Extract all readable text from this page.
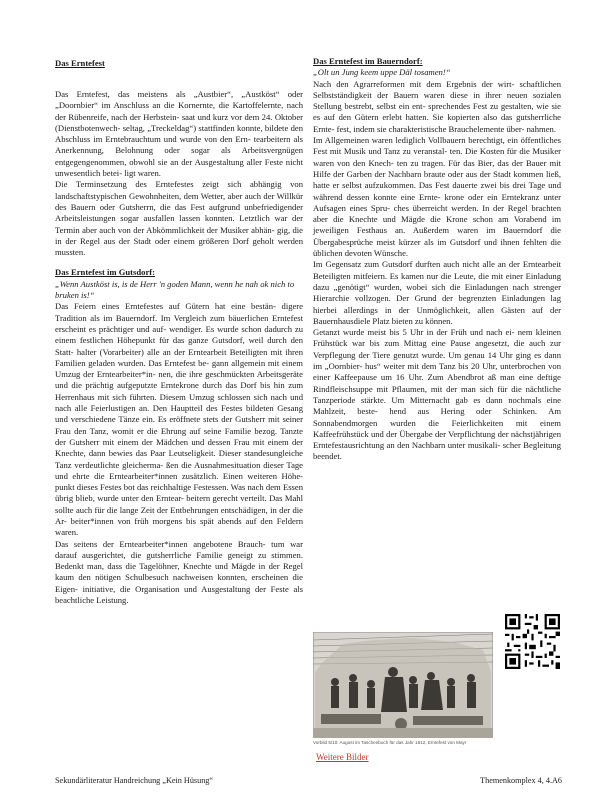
Das Erntefest

Das Erntefest, das meistens als „Austbier“, „Austköst“ oder „Doornbier“ im Anschluss an die Kornernte, die Kartoffelernte, nach der Rübenreife, nach der Herbstein- saat und kurz vor dem 24. Oktober (Dienstbotenwech- seltag, „Treckeldag“) stattfinden konnte, bildete den Abschluss im Erntebrauchtum und wurde von den Ern- tearbeitern als Anerkennung, Belohnung oder sogar als Arbeitsvergnügen entgegengenommen, obwohl sie an der Ausgestaltung aller Feste nicht unwesentlich betei- ligt waren.

Die Terminsetzung des Erntefestes zeigt sich abhängig von landschaftstypischen Gewohnheiten, dem Wetter, aber auch der Willkür des Bauern oder Gutsherrn, die das Fest aufgrund unbefriedigender Arbeitsleistungen sogar ausfallen lassen konnten. Letztlich war der Termin aber auch von der Abkömmlichkeit der Musiker abhän- gig, die in der Regel aus der Stadt oder einem größeren Dorf geholt werden mussten.

Das Erntefest im Gutsdorf:

„Wenn Austköst is, is de Herr ′n goden Mann, wenn he nah ok nich to bruken is!“

Das Feiern eines Erntefestes auf Gütern hat eine bestän- digere Tradition als im Bauerndorf. Im Vergleich zum bäuerlichen Erntefest erscheint es prächtiger und auf- wendiger. Es wurde schon dadurch zu einem festlichen Höhepunkt für das ganze Gutsdorf, weil durch den Statt- halter (Vorarbeiter) alle an der Erntearbeit Beteiligten mit ihren Familien geladen wurden. Das Erntefest be- gann allgemein mit einem Umzug der Erntearbeiter*in- nen, die ihre geschmückten Arbeitsgeräte und die prächtig aufgeputzte Erntekrone durch das Dorf bis hin zum Herrenhaus mit sich führten. Diesem Umzug schlossen sich nach und nach alle Feierlustigen an. Den Hauptteil des Festes bildeten Gesang und verschiedene Tänze ein. Es eröffnete stets der Gutsherr mit seiner Frau den Tanz, womit er die Ehrung auf seine Familie bezog. Tanzte der Gutsherr mit einem der Mädchen und dessen Frau mit einem der Knechte, dann bewies das Paar Leutseligkeit. Dieser standesungleiche Tanz verdeutlichte gleicherma- ßen die Ausnahmesituation dieser Tage und ehrte die Erntearbeiter*innen zusätzlich. Einen weiteren Höhe- punkt dieses Festes bot das reichhaltige Festessen. Was nach dem Essen übrig blieb, wurde unter den Erntear- beitern gerecht verteilt. Das Mahl sollte auch für die lange Zeit der Entbehrungen entschädigen, in der die Ar- beiter*innen von früh morgens bis spät abends auf den Feldern waren.

Das seitens der Erntearbeiter*innen angebotene Brauch- tum war darauf ausgerichtet, die gutsherrliche Familie geneigt zu stimmen. Bedenkt man, dass die Tagelöhner, Knechte und Mägde in der Regel kaum den nötigen Schulbesuch nachweisen konnten, erscheinen die Eigen- initiative, die Organisation und Ausgestaltung der Feste als beachtliche Leistung.

Das Erntefest im Bauerndorf:

„Olt un Jung keem uppe Däl tosamen!“

Nach den Agrarreformen mit dem Ergebnis der wirt- schaftlichen Selbstständigkeit der Bauern waren diese in ihrer neuen sozialen Stellung bestrebt, selbst ein ent- sprechendes Fest zu gestalten, wie sie es auf den Gütern erlebt hatten. Sie kopierten also das gutsherrliche Ernte- fest, indem sie charakteristische Brauchelemente über- nahmen.

Im Allgemeinen waren lediglich Vollbauern berechtigt, ein öffentliches Fest mit Musik und Tanz zu veranstal- ten. Die Kosten für die Musiker waren von den Knech- ten zu tragen. Für das Bier, das der Bauer mit Hilfe der Garben der Nachbarn braute oder aus der Stadt kommen ließ, hatte er selbst aufzukommen. Das Fest dauerte zwei bis drei Tage und während dessen konnte eine Ernte- krone oder ein Erntekranz unter Aufsagen eines Spru- ches überreicht werden. In der Regel brachten aber die Knechte und Mägde die Krone schon am Vorabend im jeweiligen Festhaus an. Außerdem waren im Bauerndorf die Übergabesprüche meist kürzer als im Gutsdorf und ihnen fehlten die üblichen devoten Wünsche.

Im Gegensatz zum Gutsdorf durften auch nicht alle an der Erntearbeit Beteiligten mitfeiern. Es kamen nur die Leute, die mit einer Einladung dazu „genötigt“ wurden, wobei sich die Einladungen nach strenger Hierarchie vollzogen. Der Grund der begrenzten Einladungen lag hierbei allerdings in der Unmöglichkeit, allen Gästen auf der Bauernhausdiele Platz bieten zu können.

Getanzt wurde meist bis 5 Uhr in der Früh und nach ei- nem kleinen Frühstück war bis zum Mittag eine Pause angesetzt, die auch zur Verpflegung der Tiere genutzt wurde. Um genau 14 Uhr ging es dann im „Oornbier- hus“ weiter mit dem Tanz bis 20 Uhr, unterbrochen von einer Kaffeepause um 16 Uhr. Zum Abendbrot aß man eine deftige Rindfleischsuppe mit Pflaumen, mit der man sich für die nächtliche Tanzperiode stärkte. Um Mitternacht gab es dann nochmals eine Mahlzeit, beste- hend aus Hering oder Schinken. Am Sonnabendmorgen wurden die Feierlichkeiten mit einem Kaffeefrühstück und der Übergabe der Verpflichtung der nächstjährigen Erntefestausrichtung an den Nachbarn unter musikali- scher Begleitung beendet.

Vorbild 5/10: August im Taschenbuch für das Jahr 1812, Erntefest von Mayr
Weitere Bilder
Sekundärliteratur Handreichung „Kein Hüsung“	Themenkomplex 4, 4.A6
